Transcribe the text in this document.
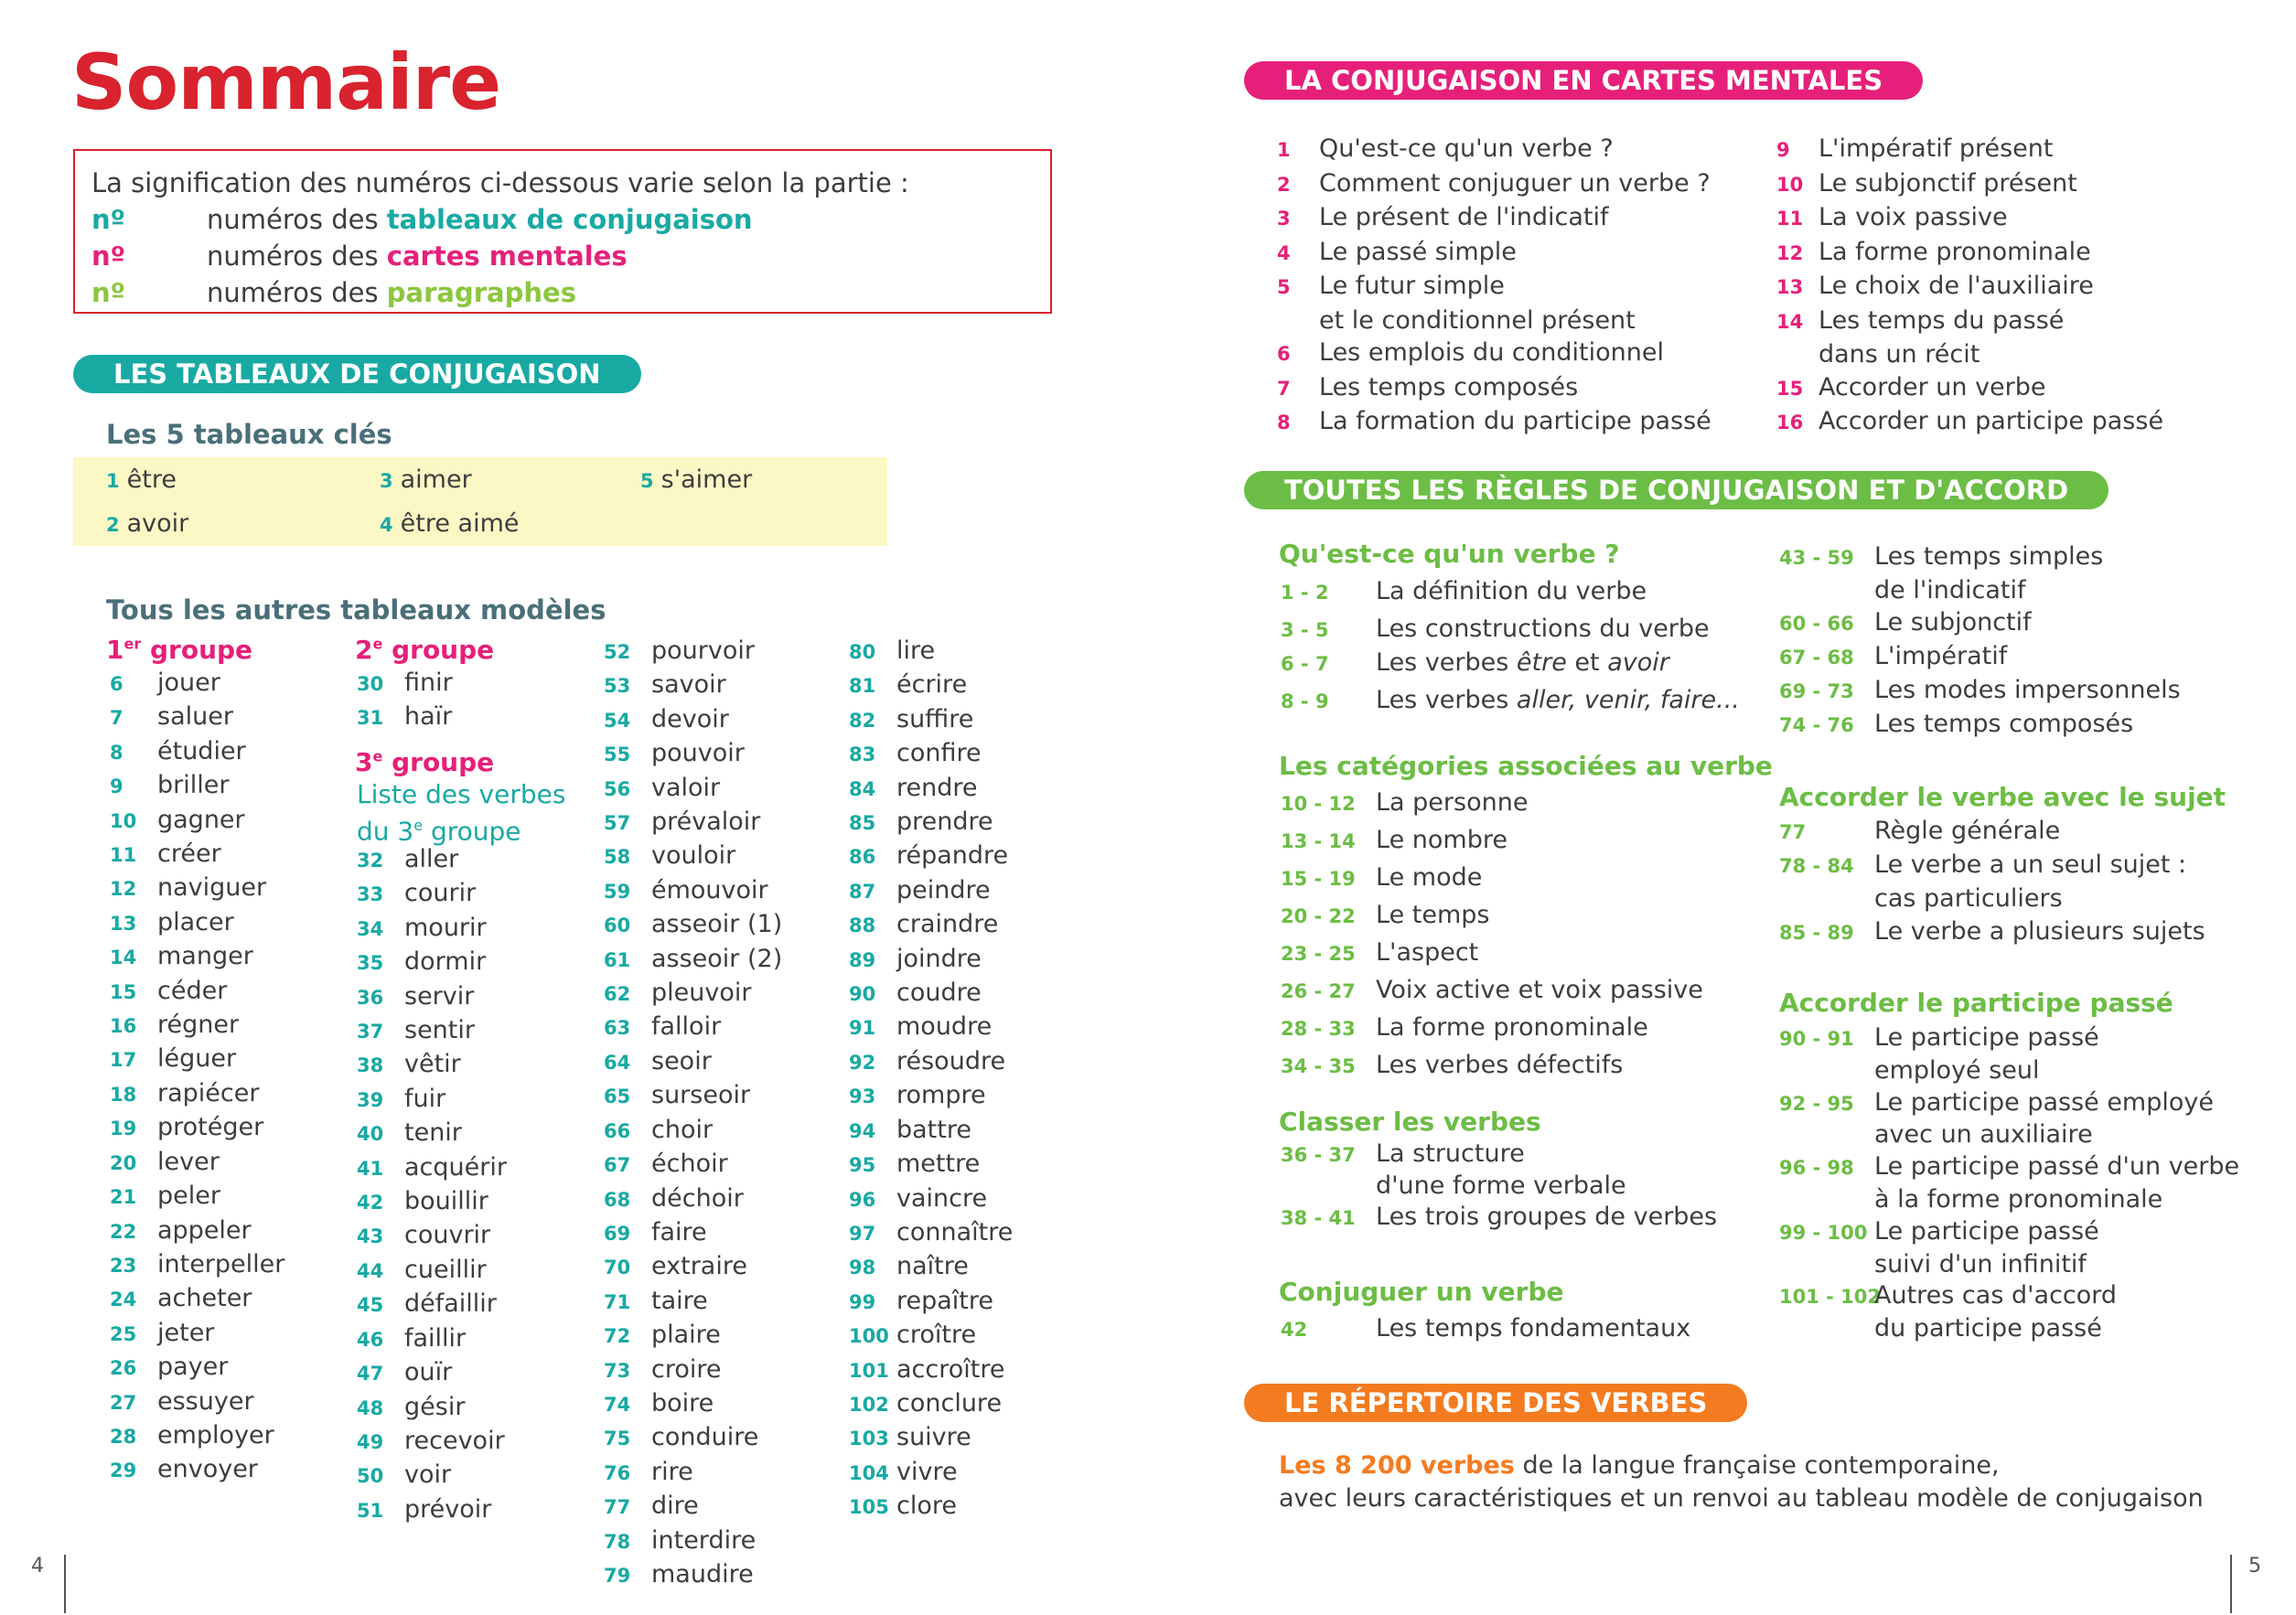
Sommaire
La signification des numéros ci-dessous varie selon la partie :
nº	numéros des tableaux de conjugaison
nº	numéros des cartes mentales
nº	numéros des paragraphes
LES TABLEAUX DE CONJUGAISON
Les 5 tableaux clés
1 être
2 avoir
3 aimer
4 être aimé
5 s'aimer
Tous les autres tableaux modèles
1er groupe
6 jouer
7 saluer
8 étudier
9 briller
10 gagner
11 créer
12 naviguer
13 placer
14 manger
15 céder
16 régner
17 léguer
18 rapiécer
19 protéger
20 lever
21 peler
22 appeler
23 interpeller
24 acheter
25 jeter
26 payer
27 essuyer
28 employer
29 envoyer
2e groupe
30 finir
31 haïr
3e groupe
Liste des verbes
du 3e groupe
32 aller
33 courir
34 mourir
35 dormir
36 servir
37 sentir
38 vêtir
39 fuir
40 tenir
41 acquérir
42 bouillir
43 couvrir
44 cueillir
45 défaillir
46 faillir
47 ouïr
48 gésir
49 recevoir
50 voir
51 prévoir
52 pourvoir
53 savoir
54 devoir
55 pouvoir
56 valoir
57 prévaloir
58 vouloir
59 émouvoir
60 asseoir (1)
61 asseoir (2)
62 pleuvoir
63 falloir
64 seoir
65 surseoir
66 choir
67 échoir
68 déchoir
69 faire
70 extraire
71 taire
72 plaire
73 croire
74 boire
75 conduire
76 rire
77 dire
78 interdire
79 maudire
80 lire
81 écrire
82 suffire
83 confire
84 rendre
85 prendre
86 répandre
87 peindre
88 craindre
89 joindre
90 coudre
91 moudre
92 résoudre
93 rompre
94 battre
95 mettre
96 vaincre
97 connaître
98 naître
99 repaître
100 croître
101 accroître
102 conclure
103 suivre
104 vivre
105 clore
4
LA CONJUGAISON EN CARTES MENTALES
1 Qu'est-ce qu'un verbe ?
2 Comment conjuguer un verbe ?
3 Le présent de l'indicatif
4 Le passé simple
5 Le futur simple
et le conditionnel présent
6 Les emplois du conditionnel
7 Les temps composés
8 La formation du participe passé
9 L'impératif présent
10 Le subjonctif présent
11 La voix passive
12 La forme pronominale
13 Le choix de l'auxiliaire
14 Les temps du passé
dans un récit
15 Accorder un verbe
16 Accorder un participe passé
TOUTES LES RÈGLES DE CONJUGAISON ET D'ACCORD
Qu'est-ce qu'un verbe ?
1 - 2 La définition du verbe
3 - 5 Les constructions du verbe
6 - 7 Les verbes être et avoir
8 - 9 Les verbes aller, venir, faire...
Les catégories associées au verbe
10 - 12 La personne
13 - 14 Le nombre
15 - 19 Le mode
20 - 22 Le temps
23 - 25 L'aspect
26 - 27 Voix active et voix passive
28 - 33 La forme pronominale
34 - 35 Les verbes défectifs
Classer les verbes
36 - 37 La structure
d'une forme verbale
38 - 41 Les trois groupes de verbes
Conjuguer un verbe
42	Les temps fondamentaux
43 - 59 Les temps simples
de l'indicatif
60 - 66 Le subjonctif
67 - 68 L'impératif
69 - 73 Les modes impersonnels
74 - 76 Les temps composés
Accorder le verbe avec le sujet
77	Règle générale
78 - 84 Le verbe a un seul sujet :
cas particuliers
85 - 89 Le verbe a plusieurs sujets
Accorder le participe passé
90 - 91 Le participe passé
employé seul
92 - 95 Le participe passé employé
avec un auxiliaire
96 - 98 Le participe passé d'un verbe
à la forme pronominale
99 - 100 Le participe passé
suivi d'un infinitif
101 - 102Autres cas d'accord
du participe passé
LE RÉPERTOIRE DES VERBES
Les 8 200 verbes de la langue française contemporaine,
avec leurs caractéristiques et un renvoi au tableau modèle de conjugaison
5
